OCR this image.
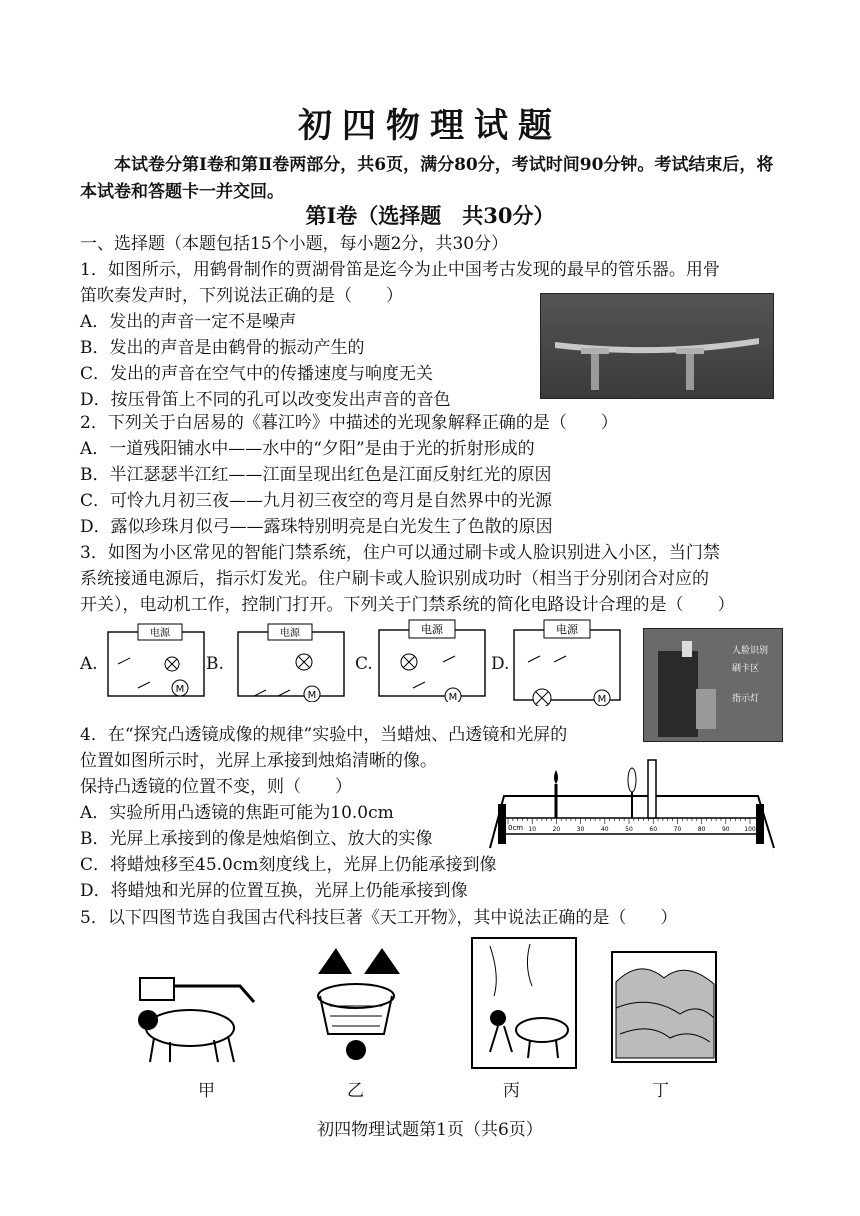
初四物理试题
本试卷分第Ⅰ卷和第Ⅱ卷两部分，共6页，满分80分，考试时间90分钟。考试结束后，将本试卷和答题卡一并交回。
第Ⅰ卷（选择题　共30分）
一、选择题（本题包括15个小题，每小题2分，共30分）
1．如图所示，用鹤骨制作的贾湖骨笛是迄今为止中国考古发现的最早的管乐器。用骨
笛吹奏发声时，下列说法正确的是（　　）
A．发出的声音一定不是噪声
B．发出的声音是由鹤骨的振动产生的
C．发出的声音在空气中的传播速度与响度无关
D．按压骨笛上不同的孔可以改变发出声音的音色
2．下列关于白居易的《暮江吟》中描述的光现象解释正确的是（　　）
A．一道残阳铺水中——水中的“夕阳”是由于光的折射形成的
B．半江瑟瑟半江红——江面呈现出红色是江面反射红光的原因
C．可怜九月初三夜——九月初三夜空的弯月是自然界中的光源
D．露似珍珠月似弓——露珠特别明亮是白光发生了色散的原因
3．如图为小区常见的智能门禁系统，住户可以通过刷卡或人脸识别进入小区，当门禁
系统接通电源后，指示灯发光。住户刷卡或人脸识别成功时（相当于分别闭合对应的
开关），电动机工作，控制门打开。下列关于门禁系统的简化电路设计合理的是（　　）
A.	B.	C.	D.
电源
M
电源
M
电源
M
电源
M
人脸识别
刷卡区
指示灯
4．在“探究凸透镜成像的规律”实验中，当蜡烛、凸透镜和光屏的
位置如图所示时，光屏上承接到烛焰清晰的像。
保持凸透镜的位置不变，则（　　）
A．实验所用凸透镜的焦距可能为10.0cm
B．光屏上承接到的像是烛焰倒立、放大的实像
C．将蜡烛移至45.0cm刻度线上，光屏上仍能承接到像
D．将蜡烛和光屏的位置互换，光屏上仍能承接到像
0cm 10	20	30	40	50	60	70	80	90 100
5．以下四图节选自我国古代科技巨著《天工开物》，其中说法正确的是（　　）
甲	乙	丙	丁
初四物理试题第1页（共6页）
